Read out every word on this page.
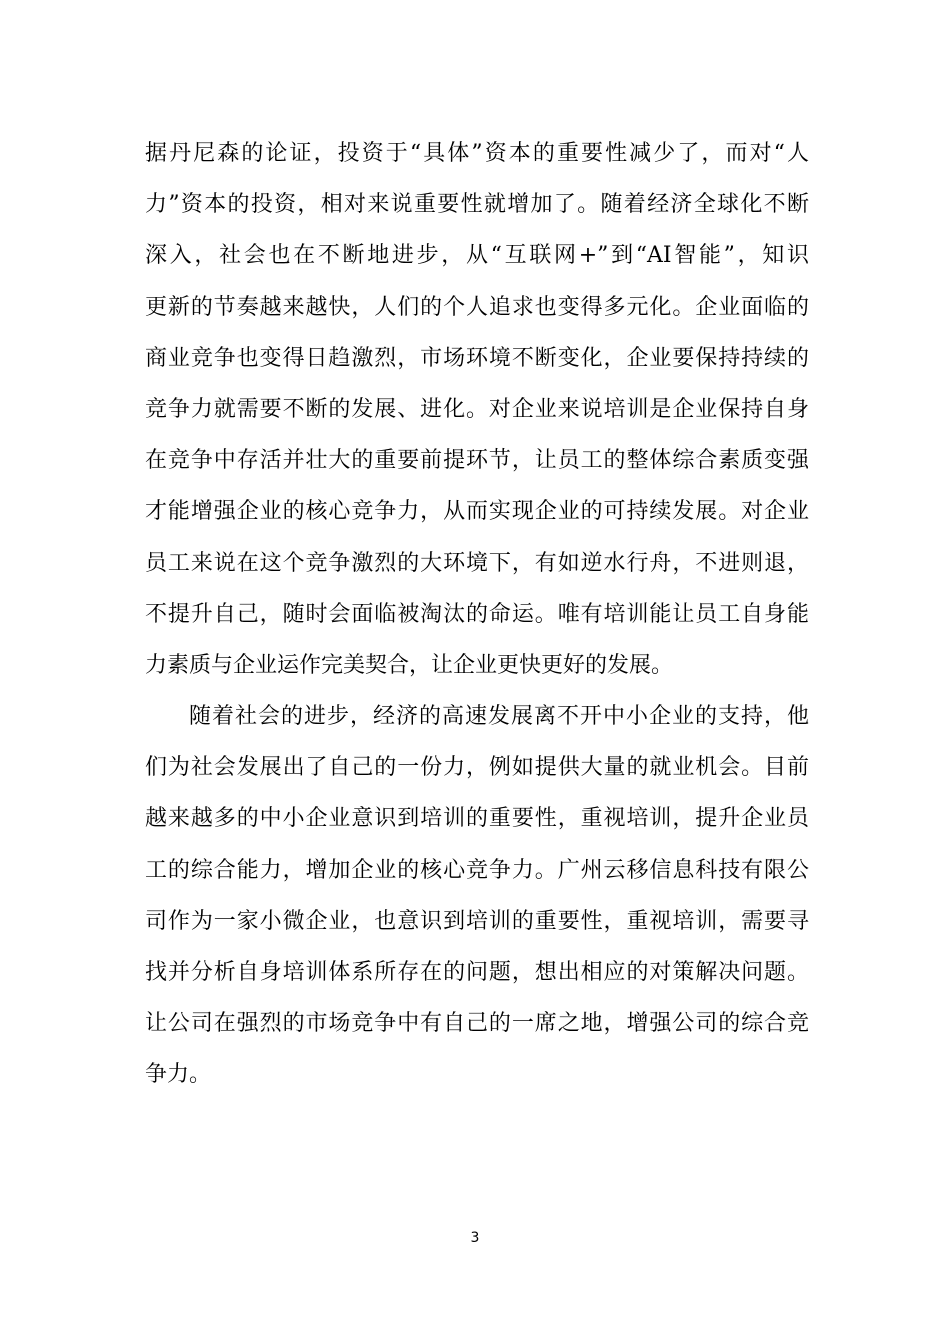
据丹尼森的论证，投资于“具体”资本的重要性减少了，而对“人
力”资本的投资，相对来说重要性就增加了。随着经济全球化不断
深入，社会也在不断地进步，从“互联网+”到“AI智能”，知识
更新的节奏越来越快，人们的个人追求也变得多元化。企业面临的
商业竞争也变得日趋激烈，市场环境不断变化，企业要保持持续的
竞争力就需要不断的发展、进化。对企业来说培训是企业保持自身
在竞争中存活并壮大的重要前提环节，让员工的整体综合素质变强
才能增强企业的核心竞争力，从而实现企业的可持续发展。对企业
员工来说在这个竞争激烈的大环境下，有如逆水行舟，不进则退，
不提升自己，随时会面临被淘汰的命运。唯有培训能让员工自身能
力素质与企业运作完美契合，让企业更快更好的发展。
随着社会的进步，经济的高速发展离不开中小企业的支持，他
们为社会发展出了自己的一份力，例如提供大量的就业机会。目前
越来越多的中小企业意识到培训的重要性，重视培训，提升企业员
工的综合能力，增加企业的核心竞争力。广州云移信息科技有限公
司作为一家小微企业，也意识到培训的重要性，重视培训，需要寻
找并分析自身培训体系所存在的问题，想出相应的对策解决问题。
让公司在强烈的市场竞争中有自己的一席之地，增强公司的综合竞
争力。
3
